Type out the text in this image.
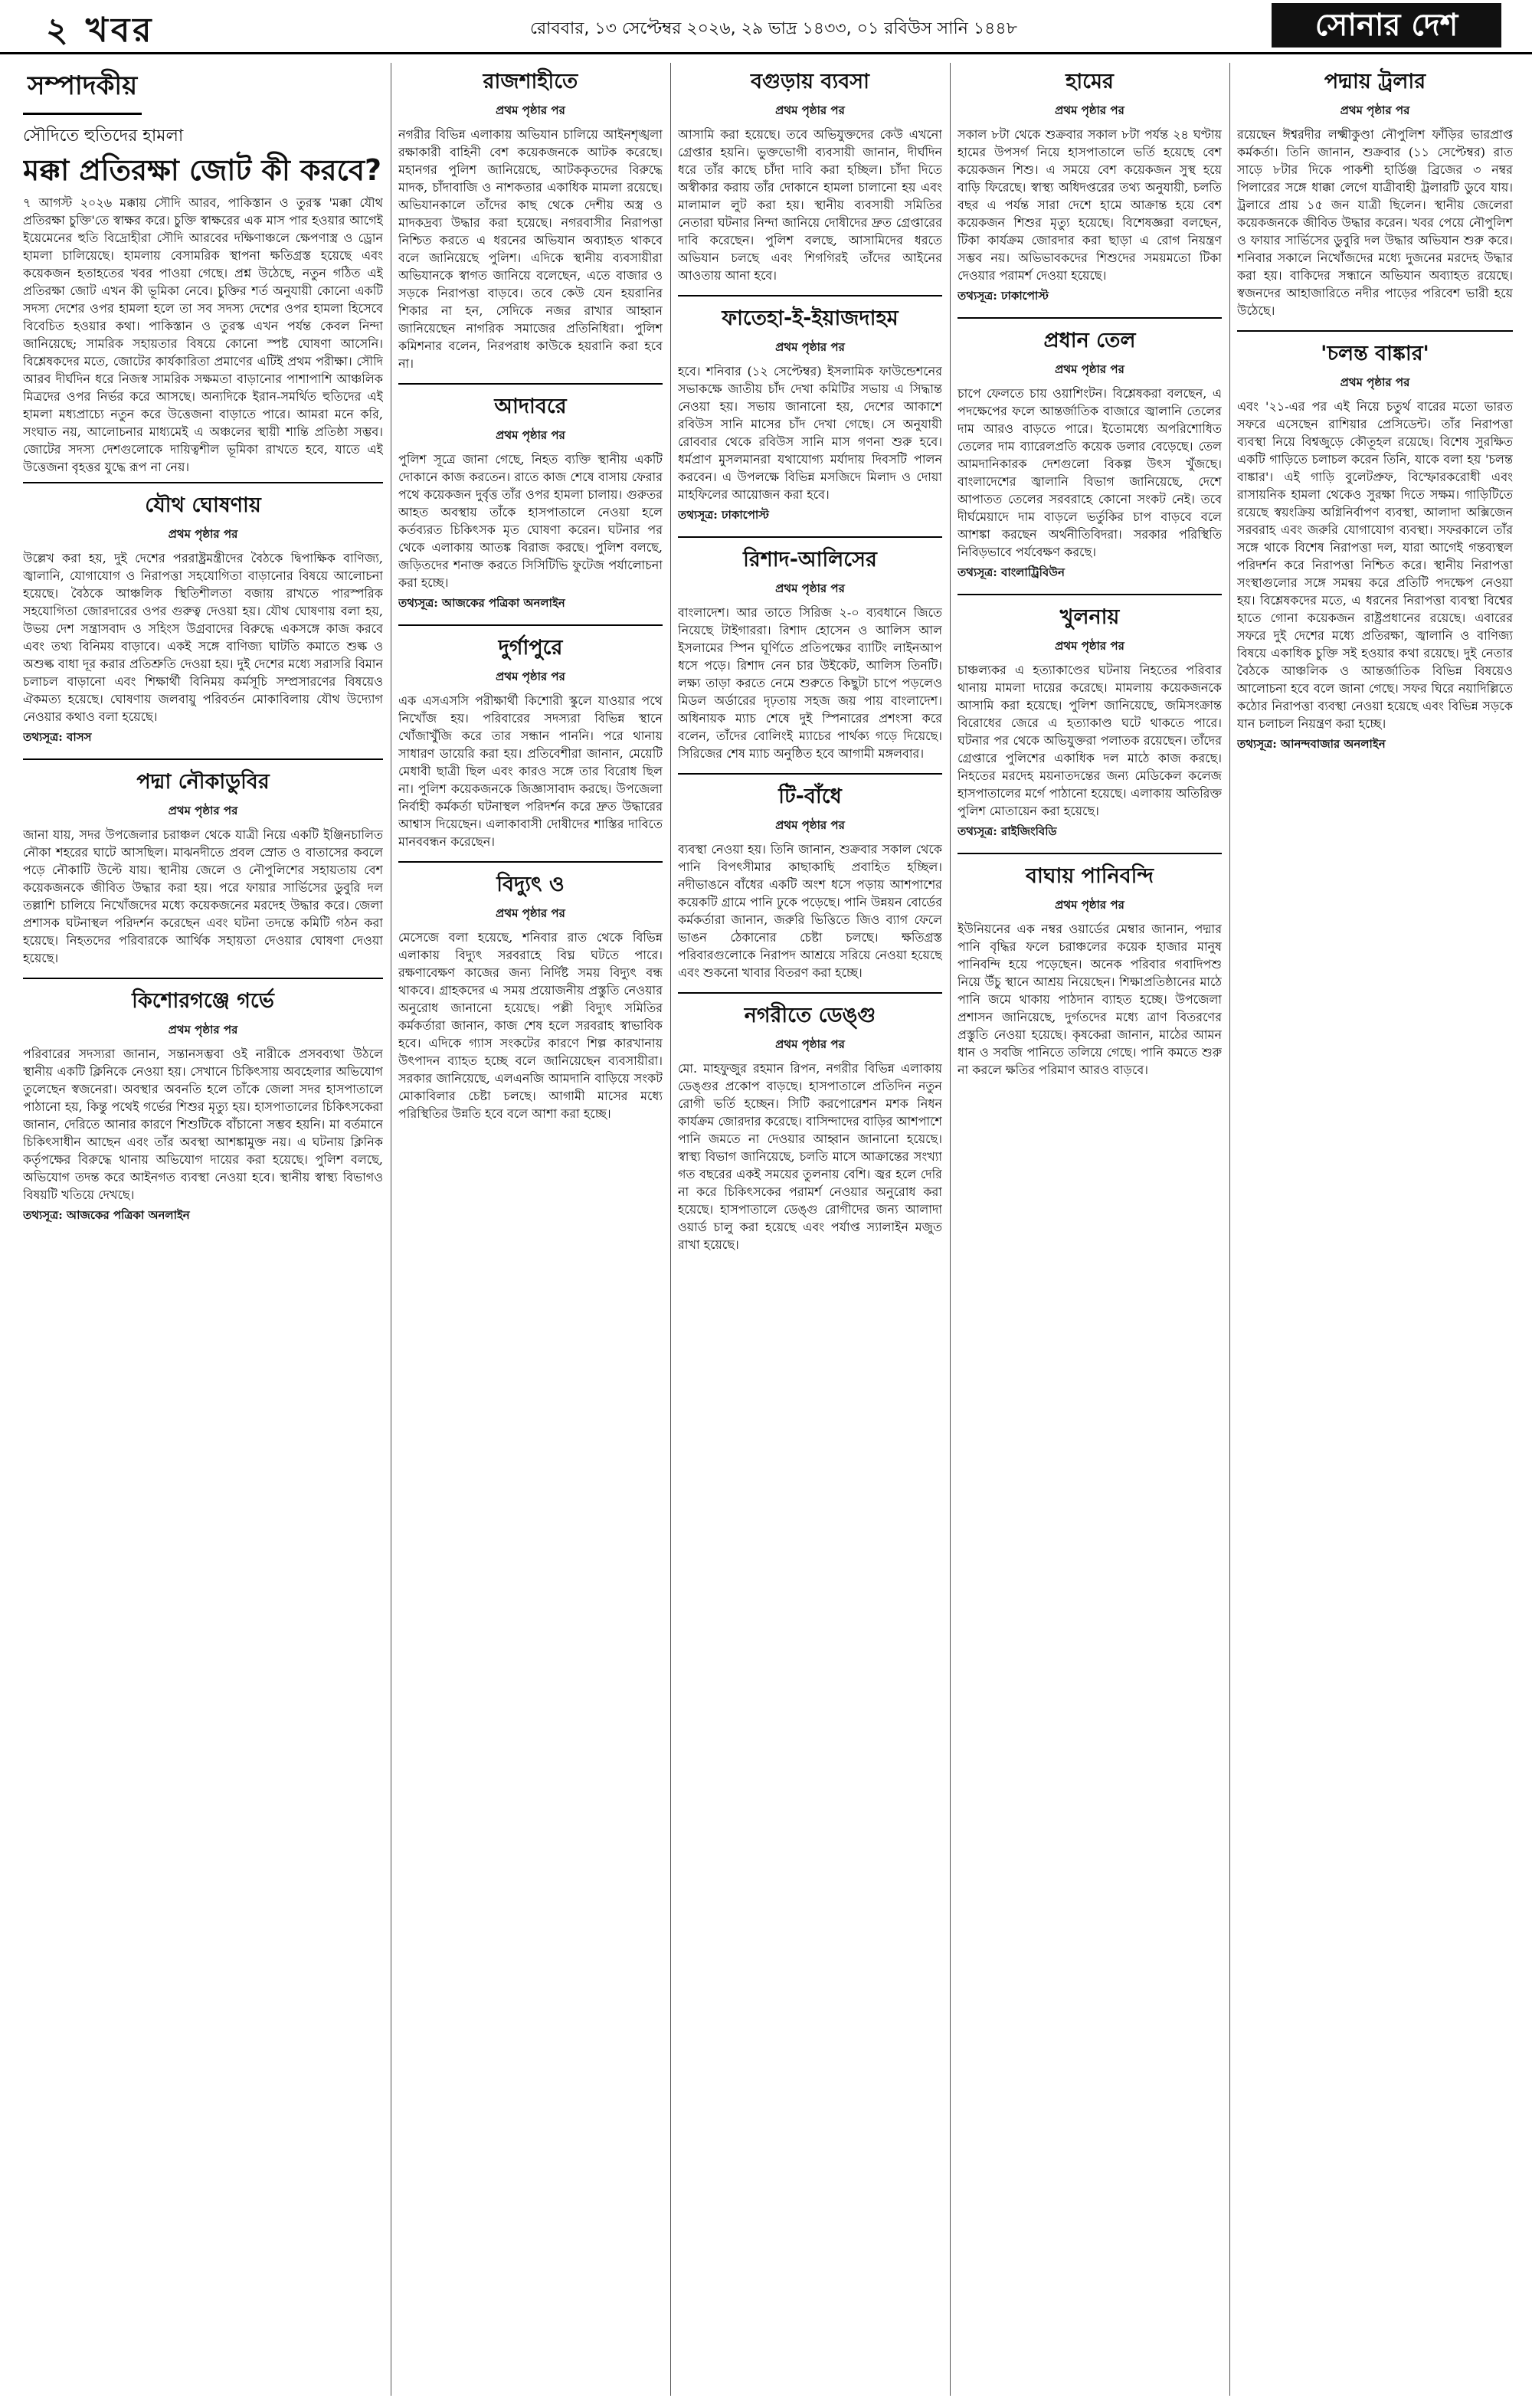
২ খবর	রোববার, ১৩ সেপ্টেম্বর ২০২৬, ২৯ ভাদ্র ১৪৩৩, ০১ রবিউস সানি ১৪৪৮	সোনার দেশ
সম্পাদকীয়
সৌদিতে হুতিদের হামলা
মক্কা প্রতিরক্ষা জোট কী করবে?

৭ আগস্ট ২০২৬ মক্কায় সৌদি আরব, পাকিস্তান ও তুরস্ক 'মক্কা যৌথ প্রতিরক্ষা চুক্তি'তে স্বাক্ষর করে। চুক্তি স্বাক্ষরের এক মাস পার হওয়ার আগেই ইয়েমেনের হুতি বিদ্রোহীরা সৌদি আরবের দক্ষিণাঞ্চলে ক্ষেপণাস্ত্র ও ড্রোন হামলা চালিয়েছে। হামলায় বেসামরিক স্থাপনা ক্ষতিগ্রস্ত হয়েছে এবং কয়েকজন হতাহতের খবর পাওয়া গেছে। প্রশ্ন উঠেছে, নতুন গঠিত এই প্রতিরক্ষা জোট এখন কী ভূমিকা নেবে। চুক্তির শর্ত অনুযায়ী কোনো একটি সদস্য দেশের ওপর হামলা হলে তা সব সদস্য দেশের ওপর হামলা হিসেবে বিবেচিত হওয়ার কথা। পাকিস্তান ও তুরস্ক এখন পর্যন্ত কেবল নিন্দা জানিয়েছে; সামরিক সহায়তার বিষয়ে কোনো স্পষ্ট ঘোষণা আসেনি। বিশ্লেষকদের মতে, জোটের কার্যকারিতা প্রমাণের এটিই প্রথম পরীক্ষা। সৌদি আরব দীর্ঘদিন ধরে নিজস্ব সামরিক সক্ষমতা বাড়ানোর পাশাপাশি আঞ্চলিক মিত্রদের ওপর নির্ভর করে আসছে। অন্যদিকে ইরান-সমর্থিত হুতিদের এই হামলা মধ্যপ্রাচ্যে নতুন করে উত্তেজনা বাড়াতে পারে। আমরা মনে করি, সংঘাত নয়, আলোচনার মাধ্যমেই এ অঞ্চলের স্থায়ী শান্তি প্রতিষ্ঠা সম্ভব। জোটের সদস্য দেশগুলোকে দায়িত্বশীল ভূমিকা রাখতে হবে, যাতে এই উত্তেজনা বৃহত্তর যুদ্ধে রূপ না নেয়।

যৌথ ঘোষণায়
প্রথম পৃষ্ঠার পর

উল্লেখ করা হয়, দুই দেশের পররাষ্ট্রমন্ত্রীদের বৈঠকে দ্বিপাক্ষিক বাণিজ্য, জ্বালানি, যোগাযোগ ও নিরাপত্তা সহযোগিতা বাড়ানোর বিষয়ে আলোচনা হয়েছে। বৈঠকে আঞ্চলিক স্থিতিশীলতা বজায় রাখতে পারস্পরিক সহযোগিতা জোরদারের ওপর গুরুত্ব দেওয়া হয়। যৌথ ঘোষণায় বলা হয়, উভয় দেশ সন্ত্রাসবাদ ও সহিংস উগ্রবাদের বিরুদ্ধে একসঙ্গে কাজ করবে এবং তথ্য বিনিময় বাড়াবে। একই সঙ্গে বাণিজ্য ঘাটতি কমাতে শুল্ক ও অশুল্ক বাধা দূর করার প্রতিশ্রুতি দেওয়া হয়। দুই দেশের মধ্যে সরাসরি বিমান চলাচল বাড়ানো এবং শিক্ষার্থী বিনিময় কর্মসূচি সম্প্রসারণের বিষয়েও ঐকমত্য হয়েছে। ঘোষণায় জলবায়ু পরিবর্তন মোকাবিলায় যৌথ উদ্যোগ নেওয়ার কথাও বলা হয়েছে।

তথ্যসূত্র: বাসস
পদ্মা নৌকাডুবির
প্রথম পৃষ্ঠার পর

জানা যায়, সদর উপজেলার চরাঞ্চল থেকে যাত্রী নিয়ে একটি ইঞ্জিনচালিত নৌকা শহরের ঘাটে আসছিল। মাঝনদীতে প্রবল স্রোত ও বাতাসের কবলে পড়ে নৌকাটি উল্টে যায়। স্থানীয় জেলে ও নৌপুলিশের সহায়তায় বেশ কয়েকজনকে জীবিত উদ্ধার করা হয়। পরে ফায়ার সার্ভিসের ডুবুরি দল তল্লাশি চালিয়ে নিখোঁজদের মধ্যে কয়েকজনের মরদেহ উদ্ধার করে। জেলা প্রশাসক ঘটনাস্থল পরিদর্শন করেছেন এবং ঘটনা তদন্তে কমিটি গঠন করা হয়েছে। নিহতদের পরিবারকে আর্থিক সহায়তা দেওয়ার ঘোষণা দেওয়া হয়েছে।

কিশোরগঞ্জে গর্ভে
প্রথম পৃষ্ঠার পর

পরিবারের সদস্যরা জানান, সন্তানসম্ভবা ওই নারীকে প্রসবব্যথা উঠলে স্থানীয় একটি ক্লিনিকে নেওয়া হয়। সেখানে চিকিৎসায় অবহেলার অভিযোগ তুলেছেন স্বজনেরা। অবস্থার অবনতি হলে তাঁকে জেলা সদর হাসপাতালে পাঠানো হয়, কিন্তু পথেই গর্ভের শিশুর মৃত্যু হয়। হাসপাতালের চিকিৎসকেরা জানান, দেরিতে আনার কারণে শিশুটিকে বাঁচানো সম্ভব হয়নি। মা বর্তমানে চিকিৎসাধীন আছেন এবং তাঁর অবস্থা আশঙ্কামুক্ত নয়। এ ঘটনায় ক্লিনিক কর্তৃপক্ষের বিরুদ্ধে থানায় অভিযোগ দায়ের করা হয়েছে। পুলিশ বলছে, অভিযোগ তদন্ত করে আইনগত ব্যবস্থা নেওয়া হবে। স্থানীয় স্বাস্থ্য বিভাগও বিষয়টি খতিয়ে দেখছে।

তথ্যসূত্র: আজকের পত্রিকা অনলাইন
রাজশাহীতে
প্রথম পৃষ্ঠার পর

নগরীর বিভিন্ন এলাকায় অভিযান চালিয়ে আইনশৃঙ্খলা রক্ষাকারী বাহিনী বেশ কয়েকজনকে আটক করেছে। মহানগর পুলিশ জানিয়েছে, আটককৃতদের বিরুদ্ধে মাদক, চাঁদাবাজি ও নাশকতার একাধিক মামলা রয়েছে। অভিযানকালে তাঁদের কাছ থেকে দেশীয় অস্ত্র ও মাদকদ্রব্য উদ্ধার করা হয়েছে। নগরবাসীর নিরাপত্তা নিশ্চিত করতে এ ধরনের অভিযান অব্যাহত থাকবে বলে জানিয়েছে পুলিশ। এদিকে স্থানীয় ব্যবসায়ীরা অভিযানকে স্বাগত জানিয়ে বলেছেন, এতে বাজার ও সড়কে নিরাপত্তা বাড়বে। তবে কেউ যেন হয়রানির শিকার না হন, সেদিকে নজর রাখার আহ্বান জানিয়েছেন নাগরিক সমাজের প্রতিনিধিরা। পুলিশ কমিশনার বলেন, নিরপরাধ কাউকে হয়রানি করা হবে না।

আদাবরে
প্রথম পৃষ্ঠার পর

পুলিশ সূত্রে জানা গেছে, নিহত ব্যক্তি স্থানীয় একটি দোকানে কাজ করতেন। রাতে কাজ শেষে বাসায় ফেরার পথে কয়েকজন দুর্বৃত্ত তাঁর ওপর হামলা চালায়। গুরুতর আহত অবস্থায় তাঁকে হাসপাতালে নেওয়া হলে কর্তব্যরত চিকিৎসক মৃত ঘোষণা করেন। ঘটনার পর থেকে এলাকায় আতঙ্ক বিরাজ করছে। পুলিশ বলছে, জড়িতদের শনাক্ত করতে সিসিটিভি ফুটেজ পর্যালোচনা করা হচ্ছে।

তথ্যসূত্র: আজকের পত্রিকা অনলাইন
দুর্গাপুরে
প্রথম পৃষ্ঠার পর

এক এসএসসি পরীক্ষার্থী কিশোরী স্কুলে যাওয়ার পথে নিখোঁজ হয়। পরিবারের সদস্যরা বিভিন্ন স্থানে খোঁজাখুঁজি করে তার সন্ধান পাননি। পরে থানায় সাধারণ ডায়েরি করা হয়। প্রতিবেশীরা জানান, মেয়েটি মেধাবী ছাত্রী ছিল এবং কারও সঙ্গে তার বিরোধ ছিল না। পুলিশ কয়েকজনকে জিজ্ঞাসাবাদ করছে। উপজেলা নির্বাহী কর্মকর্তা ঘটনাস্থল পরিদর্শন করে দ্রুত উদ্ধারের আশ্বাস দিয়েছেন। এলাকাবাসী দোষীদের শাস্তির দাবিতে মানববন্ধন করেছেন।

বিদ্যুৎ ও
প্রথম পৃষ্ঠার পর

মেসেজে বলা হয়েছে, শনিবার রাত থেকে বিভিন্ন এলাকায় বিদ্যুৎ সরবরাহে বিঘ্ন ঘটতে পারে। রক্ষণাবেক্ষণ কাজের জন্য নির্দিষ্ট সময় বিদ্যুৎ বন্ধ থাকবে। গ্রাহকদের এ সময় প্রয়োজনীয় প্রস্তুতি নেওয়ার অনুরোধ জানানো হয়েছে। পল্লী বিদ্যুৎ সমিতির কর্মকর্তারা জানান, কাজ শেষ হলে সরবরাহ স্বাভাবিক হবে। এদিকে গ্যাস সংকটের কারণে শিল্প কারখানায় উৎপাদন ব্যাহত হচ্ছে বলে জানিয়েছেন ব্যবসায়ীরা। সরকার জানিয়েছে, এলএনজি আমদানি বাড়িয়ে সংকট মোকাবিলার চেষ্টা চলছে। আগামী মাসের মধ্যে পরিস্থিতির উন্নতি হবে বলে আশা করা হচ্ছে।

বগুড়ায় ব্যবসা
প্রথম পৃষ্ঠার পর

আসামি করা হয়েছে। তবে অভিযুক্তদের কেউ এখনো গ্রেপ্তার হয়নি। ভুক্তভোগী ব্যবসায়ী জানান, দীর্ঘদিন ধরে তাঁর কাছে চাঁদা দাবি করা হচ্ছিল। চাঁদা দিতে অস্বীকার করায় তাঁর দোকানে হামলা চালানো হয় এবং মালামাল লুট করা হয়। স্থানীয় ব্যবসায়ী সমিতির নেতারা ঘটনার নিন্দা জানিয়ে দোষীদের দ্রুত গ্রেপ্তারের দাবি করেছেন। পুলিশ বলছে, আসামিদের ধরতে অভিযান চলছে এবং শিগগিরই তাঁদের আইনের আওতায় আনা হবে।

ফাতেহা-ই-ইয়াজদাহম
প্রথম পৃষ্ঠার পর

হবে। শনিবার (১২ সেপ্টেম্বর) ইসলামিক ফাউন্ডেশনের সভাকক্ষে জাতীয় চাঁদ দেখা কমিটির সভায় এ সিদ্ধান্ত নেওয়া হয়। সভায় জানানো হয়, দেশের আকাশে রবিউস সানি মাসের চাঁদ দেখা গেছে। সে অনুযায়ী রোববার থেকে রবিউস সানি মাস গণনা শুরু হবে। ধর্মপ্রাণ মুসলমানরা যথাযোগ্য মর্যাদায় দিবসটি পালন করবেন। এ উপলক্ষে বিভিন্ন মসজিদে মিলাদ ও দোয়া মাহফিলের আয়োজন করা হবে।

তথ্যসূত্র: ঢাকাপোস্ট
রিশাদ-আলিসের
প্রথম পৃষ্ঠার পর

বাংলাদেশ। আর তাতে সিরিজ ২-০ ব্যবধানে জিতে নিয়েছে টাইগাররা। রিশাদ হোসেন ও আলিস আল ইসলামের স্পিন ঘূর্ণিতে প্রতিপক্ষের ব্যাটিং লাইনআপ ধসে পড়ে। রিশাদ নেন চার উইকেট, আলিস তিনটি। লক্ষ্য তাড়া করতে নেমে শুরুতে কিছুটা চাপে পড়লেও মিডল অর্ডারের দৃঢ়তায় সহজ জয় পায় বাংলাদেশ। অধিনায়ক ম্যাচ শেষে দুই স্পিনারের প্রশংসা করে বলেন, তাঁদের বোলিংই ম্যাচের পার্থক্য গড়ে দিয়েছে। সিরিজের শেষ ম্যাচ অনুষ্ঠিত হবে আগামী মঙ্গলবার।

টি-বাঁধে
প্রথম পৃষ্ঠার পর

ব্যবস্থা নেওয়া হয়। তিনি জানান, শুক্রবার সকাল থেকে পানি বিপৎসীমার কাছাকাছি প্রবাহিত হচ্ছিল। নদীভাঙনে বাঁধের একটি অংশ ধসে পড়ায় আশপাশের কয়েকটি গ্রামে পানি ঢুকে পড়েছে। পানি উন্নয়ন বোর্ডের কর্মকর্তারা জানান, জরুরি ভিত্তিতে জিও ব্যাগ ফেলে ভাঙন ঠেকানোর চেষ্টা চলছে। ক্ষতিগ্রস্ত পরিবারগুলোকে নিরাপদ আশ্রয়ে সরিয়ে নেওয়া হয়েছে এবং শুকনো খাবার বিতরণ করা হচ্ছে।

নগরীতে ডেঙ্গু
প্রথম পৃষ্ঠার পর

মো. মাহফুজুর রহমান রিপন, নগরীর বিভিন্ন এলাকায় ডেঙ্গুর প্রকোপ বাড়ছে। হাসপাতালে প্রতিদিন নতুন রোগী ভর্তি হচ্ছেন। সিটি করপোরেশন মশক নিধন কার্যক্রম জোরদার করেছে। বাসিন্দাদের বাড়ির আশপাশে পানি জমতে না দেওয়ার আহ্বান জানানো হয়েছে। স্বাস্থ্য বিভাগ জানিয়েছে, চলতি মাসে আক্রান্তের সংখ্যা গত বছরের একই সময়ের তুলনায় বেশি। জ্বর হলে দেরি না করে চিকিৎসকের পরামর্শ নেওয়ার অনুরোধ করা হয়েছে। হাসপাতালে ডেঙ্গু রোগীদের জন্য আলাদা ওয়ার্ড চালু করা হয়েছে এবং পর্যাপ্ত স্যালাইন মজুত রাখা হয়েছে।

হামের
প্রথম পৃষ্ঠার পর

সকাল ৮টা থেকে শুক্রবার সকাল ৮টা পর্যন্ত ২৪ ঘণ্টায় হামের উপসর্গ নিয়ে হাসপাতালে ভর্তি হয়েছে বেশ কয়েকজন শিশু। এ সময়ে বেশ কয়েকজন সুস্থ হয়ে বাড়ি ফিরেছে। স্বাস্থ্য অধিদপ্তরের তথ্য অনুযায়ী, চলতি বছর এ পর্যন্ত সারা দেশে হামে আক্রান্ত হয়ে বেশ কয়েকজন শিশুর মৃত্যু হয়েছে। বিশেষজ্ঞরা বলছেন, টিকা কার্যক্রম জোরদার করা ছাড়া এ রোগ নিয়ন্ত্রণ সম্ভব নয়। অভিভাবকদের শিশুদের সময়মতো টিকা দেওয়ার পরামর্শ দেওয়া হয়েছে।

তথ্যসূত্র: ঢাকাপোস্ট
প্রধান তেল
প্রথম পৃষ্ঠার পর

চাপে ফেলতে চায় ওয়াশিংটন। বিশ্লেষকরা বলছেন, এ পদক্ষেপের ফলে আন্তর্জাতিক বাজারে জ্বালানি তেলের দাম আরও বাড়তে পারে। ইতোমধ্যে অপরিশোধিত তেলের দাম ব্যারেলপ্রতি কয়েক ডলার বেড়েছে। তেল আমদানিকারক দেশগুলো বিকল্প উৎস খুঁজছে। বাংলাদেশের জ্বালানি বিভাগ জানিয়েছে, দেশে আপাতত তেলের সরবরাহে কোনো সংকট নেই। তবে দীর্ঘমেয়াদে দাম বাড়লে ভর্তুকির চাপ বাড়বে বলে আশঙ্কা করছেন অর্থনীতিবিদরা। সরকার পরিস্থিতি নিবিড়ভাবে পর্যবেক্ষণ করছে।

তথ্যসূত্র: বাংলাট্রিবিউন
খুলনায়
প্রথম পৃষ্ঠার পর

চাঞ্চল্যকর এ হত্যাকাণ্ডের ঘটনায় নিহতের পরিবার থানায় মামলা দায়ের করেছে। মামলায় কয়েকজনকে আসামি করা হয়েছে। পুলিশ জানিয়েছে, জমিসংক্রান্ত বিরোধের জেরে এ হত্যাকাণ্ড ঘটে থাকতে পারে। ঘটনার পর থেকে অভিযুক্তরা পলাতক রয়েছেন। তাঁদের গ্রেপ্তারে পুলিশের একাধিক দল মাঠে কাজ করছে। নিহতের মরদেহ ময়নাতদন্তের জন্য মেডিকেল কলেজ হাসপাতালের মর্গে পাঠানো হয়েছে। এলাকায় অতিরিক্ত পুলিশ মোতায়েন করা হয়েছে।

তথ্যসূত্র: রাইজিংবিডি
বাঘায় পানিবন্দি
প্রথম পৃষ্ঠার পর

ইউনিয়নের এক নম্বর ওয়ার্ডের মেম্বার জানান, পদ্মার পানি বৃদ্ধির ফলে চরাঞ্চলের কয়েক হাজার মানুষ পানিবন্দি হয়ে পড়েছেন। অনেক পরিবার গবাদিপশু নিয়ে উঁচু স্থানে আশ্রয় নিয়েছেন। শিক্ষাপ্রতিষ্ঠানের মাঠে পানি জমে থাকায় পাঠদান ব্যাহত হচ্ছে। উপজেলা প্রশাসন জানিয়েছে, দুর্গতদের মধ্যে ত্রাণ বিতরণের প্রস্তুতি নেওয়া হয়েছে। কৃষকেরা জানান, মাঠের আমন ধান ও সবজি পানিতে তলিয়ে গেছে। পানি কমতে শুরু না করলে ক্ষতির পরিমাণ আরও বাড়বে।

পদ্মায় ট্রলার
প্রথম পৃষ্ঠার পর

রয়েছেন ঈশ্বরদীর লক্ষ্মীকুণ্ডা নৌপুলিশ ফাঁড়ির ভারপ্রাপ্ত কর্মকর্তা। তিনি জানান, শুক্রবার (১১ সেপ্টেম্বর) রাত সাড়ে ৮টার দিকে পাকশী হার্ডিঞ্জ ব্রিজের ৩ নম্বর পিলারের সঙ্গে ধাক্কা লেগে যাত্রীবাহী ট্রলারটি ডুবে যায়। ট্রলারে প্রায় ১৫ জন যাত্রী ছিলেন। স্থানীয় জেলেরা কয়েকজনকে জীবিত উদ্ধার করেন। খবর পেয়ে নৌপুলিশ ও ফায়ার সার্ভিসের ডুবুরি দল উদ্ধার অভিযান শুরু করে। শনিবার সকালে নিখোঁজদের মধ্যে দুজনের মরদেহ উদ্ধার করা হয়। বাকিদের সন্ধানে অভিযান অব্যাহত রয়েছে। স্বজনদের আহাজারিতে নদীর পাড়ের পরিবেশ ভারী হয়ে উঠেছে।

'চলন্ত বাঙ্কার'
প্রথম পৃষ্ঠার পর

এবং '২১-এর পর এই নিয়ে চতুর্থ বারের মতো ভারত সফরে এসেছেন রাশিয়ার প্রেসিডেন্ট। তাঁর নিরাপত্তা ব্যবস্থা নিয়ে বিশ্বজুড়ে কৌতূহল রয়েছে। বিশেষ সুরক্ষিত একটি গাড়িতে চলাচল করেন তিনি, যাকে বলা হয় 'চলন্ত বাঙ্কার'। এই গাড়ি বুলেটপ্রুফ, বিস্ফোরকরোধী এবং রাসায়নিক হামলা থেকেও সুরক্ষা দিতে সক্ষম। গাড়িটিতে রয়েছে স্বয়ংক্রিয় অগ্নিনির্বাপণ ব্যবস্থা, আলাদা অক্সিজেন সরবরাহ এবং জরুরি যোগাযোগ ব্যবস্থা। সফরকালে তাঁর সঙ্গে থাকে বিশেষ নিরাপত্তা দল, যারা আগেই গন্তব্যস্থল পরিদর্শন করে নিরাপত্তা নিশ্চিত করে। স্থানীয় নিরাপত্তা সংস্থাগুলোর সঙ্গে সমন্বয় করে প্রতিটি পদক্ষেপ নেওয়া হয়। বিশ্লেষকদের মতে, এ ধরনের নিরাপত্তা ব্যবস্থা বিশ্বের হাতে গোনা কয়েকজন রাষ্ট্রপ্রধানের রয়েছে। এবারের সফরে দুই দেশের মধ্যে প্রতিরক্ষা, জ্বালানি ও বাণিজ্য বিষয়ে একাধিক চুক্তি সই হওয়ার কথা রয়েছে। দুই নেতার বৈঠকে আঞ্চলিক ও আন্তর্জাতিক বিভিন্ন বিষয়েও আলোচনা হবে বলে জানা গেছে। সফর ঘিরে নয়াদিল্লিতে কঠোর নিরাপত্তা ব্যবস্থা নেওয়া হয়েছে এবং বিভিন্ন সড়কে যান চলাচল নিয়ন্ত্রণ করা হচ্ছে।

তথ্যসূত্র: আনন্দবাজার অনলাইন
